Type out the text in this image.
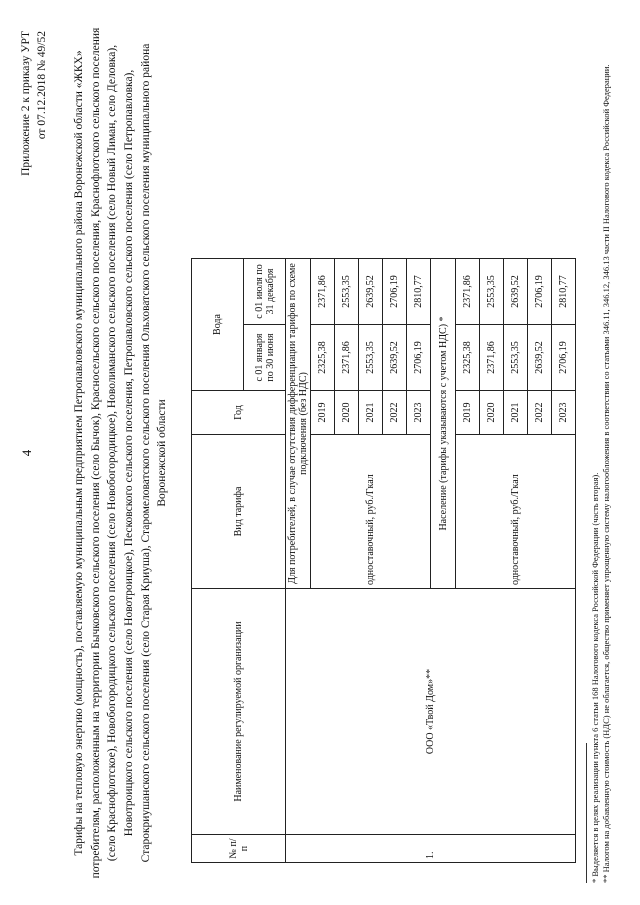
4
Приложение 2 к приказу УРТ от 07.12.2018 № 49/52 Тарифы на тепловую энергию (мощность), поставляемую муниципальным предприятием Петропавловского муниципального района Воронежской области «ЖКХ» потребителям, расположенным на территории Бычковского сельского поселения (село Бычок), Красносельского сельского поселения, Краснофлотского сельского поселения (село Краснофлотское), Новобогородицкого сельского поселения (село Новобогородицкое), Новолиманского сельского поселения (село Новый Лиман, село Деловка), Новотроицкого сельского поселения (село Новотроицкое), Песковского сельского поселения, Петропавловского сельского поселения (село Петропавловка), Старокриушанского сельского поселения (село Старая Криуша), Старомеловатского сельского поселения Ольховатского сельского поселения муниципального района Воронежской области
№ п/п	Наименование регулируемой организации	Вид тарифа	Год	Вода	
				с 01 января по 30 июня	с 01 июля по 31 декабря
1.	ООО «Твой Дом»**	Для потребителей, в случае отсутствия дифференциации тарифов по схеме подключения (без НДС)			
		одноставочный, руб./Гкал	2019	2325,38	2371,86
			2020	2371,86	2553,35
			2021	2553,35	2639,52
			2022	2639,52	2706,19
			2023	2706,19	2810,77
		Население (тарифы указываются с учетом НДС) *			
		одноставочный, руб./Гкал	2019	2325,38	2371,86
			2020	2371,86	2553,35
			2021	2553,35	2639,52
			2022	2639,52	2706,19
			2023	2706,19	2810,77
* Выделяется в целях реализации пункта 6 статьи 168 Налогового кодекса Российской Федерации (часть вторая). ** Налогом на добавленную стоимость (НДС) не облагается, общество применяет упрощенную систему налогообложения в соответствии со статьями 346.11, 346.12, 346.13 части II Налогового кодекса Российской Федерации.
